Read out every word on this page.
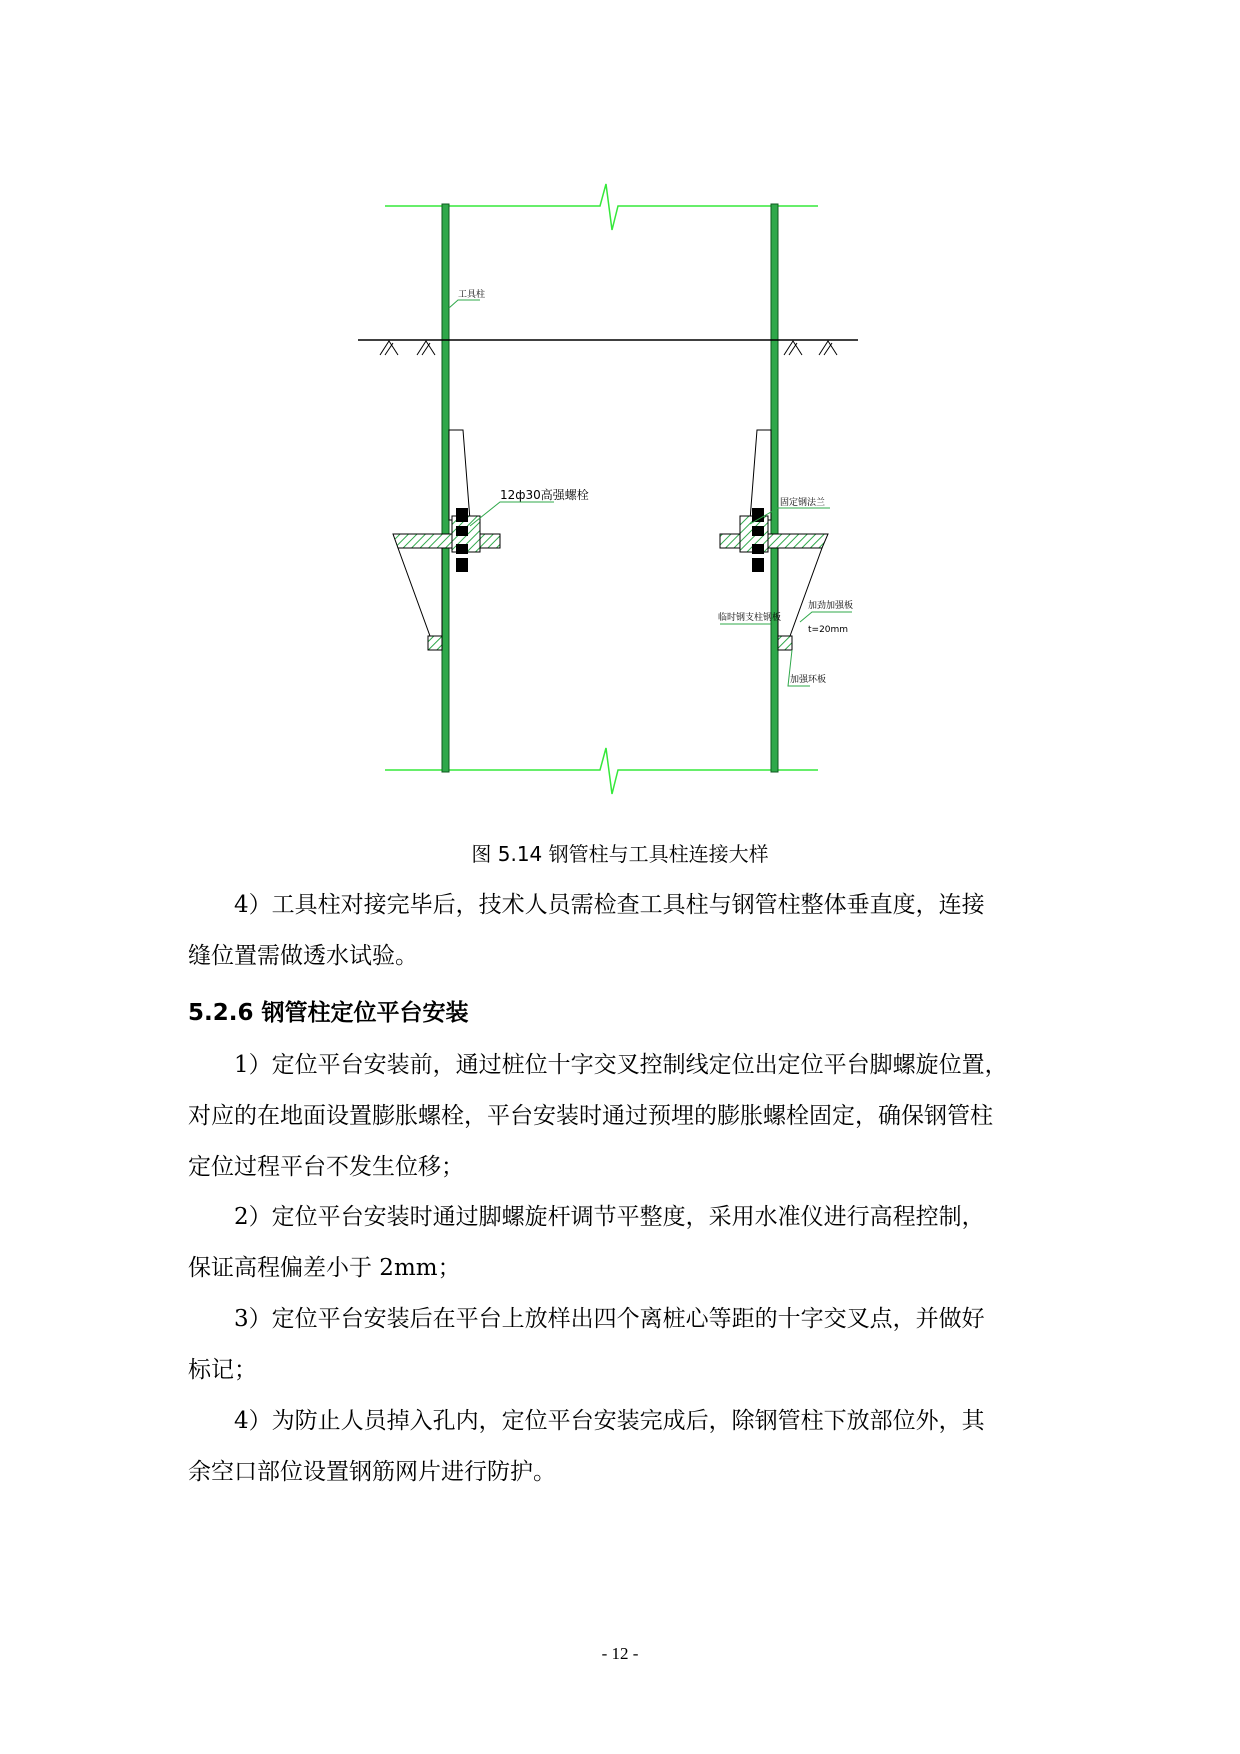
工具柱
12ф30高强螺栓
固定钢法兰
临时钢支柱钢板
加劲加强板
t=20mm
加强环板
图 5.14 钢管柱与工具柱连接大样
4）工具柱对接完毕后，技术人员需检查工具柱与钢管柱整体垂直度，连接
缝位置需做透水试验。
5.2.6 钢管柱定位平台安装
1）定位平台安装前，通过桩位十字交叉控制线定位出定位平台脚螺旋位置，
对应的在地面设置膨胀螺栓，平台安装时通过预埋的膨胀螺栓固定，确保钢管柱
定位过程平台不发生位移；
2）定位平台安装时通过脚螺旋杆调节平整度，采用水准仪进行高程控制，
保证高程偏差小于 2mm；
3）定位平台安装后在平台上放样出四个离桩心等距的十字交叉点，并做好
标记；
4）为防止人员掉入孔内，定位平台安装完成后，除钢管柱下放部位外，其
余空口部位设置钢筋网片进行防护。
- 12 -
